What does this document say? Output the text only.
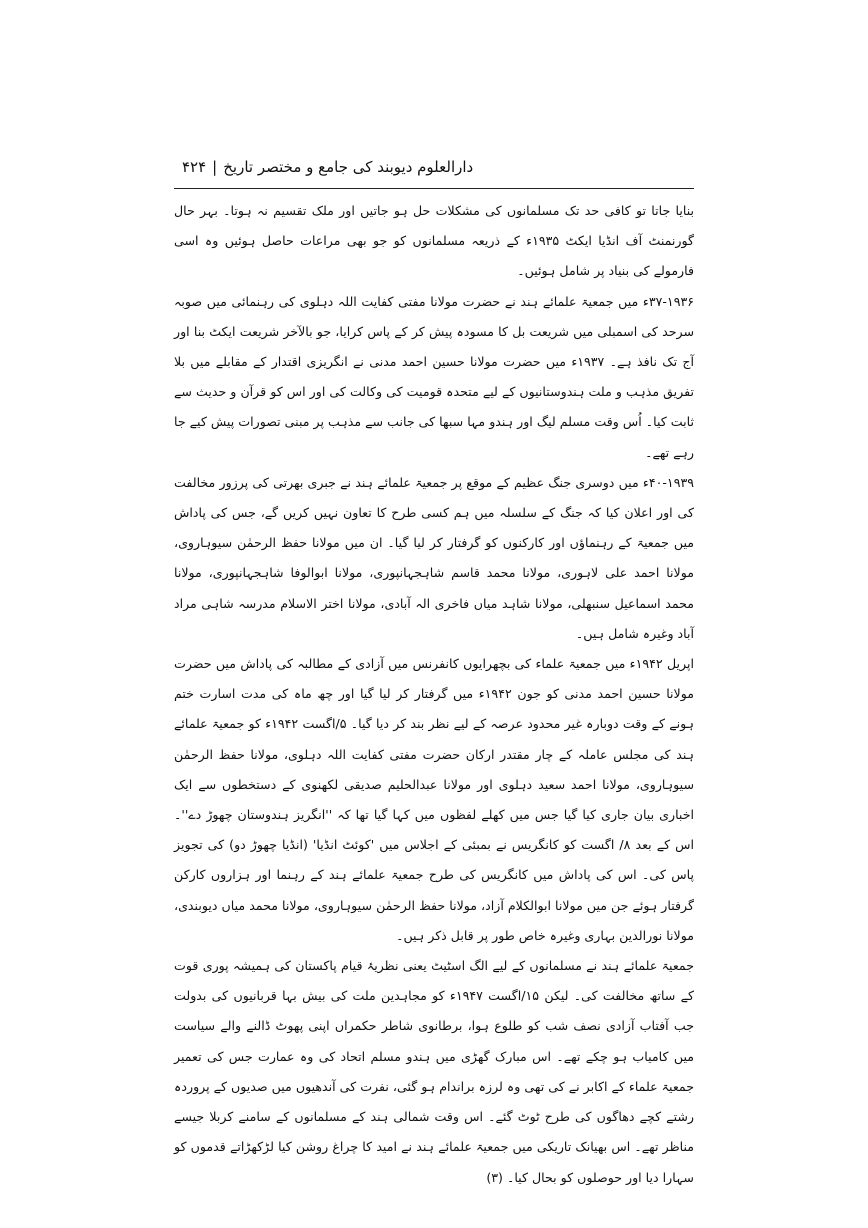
۴۲۴ | دارالعلوم دیوبند کی جامع و مختصر تاریخ

بنایا جاتا تو کافی حد تک مسلمانوں کی مشکلات حل ہو جاتیں اور ملک تقسیم نہ ہوتا۔ بہر حال گورنمنٹ آف انڈیا ایکٹ ۱۹۳۵ء کے ذریعہ مسلمانوں کو جو بھی مراعات حاصل ہوئیں وہ اسی فارمولے کی بنیاد پر شامل ہوئیں۔

۳۷-۱۹۳۶ء میں جمعیۃ علمائے ہند نے حضرت مولانا مفتی کفایت اللہ دہلوی کی رہنمائی میں صوبہ سرحد کی اسمبلی میں شریعت بل کا مسودہ پیش کر کے پاس کرایا، جو بالآخر شریعت ایکٹ بنا اور آج تک نافذ ہے۔ ۱۹۳۷ء میں حضرت مولانا حسین احمد مدنی نے انگریزی اقتدار کے مقابلے میں بلا تفریق مذہب و ملت ہندوستانیوں کے لیے متحدہ قومیت کی وکالت کی اور اس کو قرآن و حدیث سے ثابت کیا۔ اُس وقت مسلم لیگ اور ہندو مہا سبھا کی جانب سے مذہب پر مبنی تصورات پیش کیے جا رہے تھے۔

۴۰-۱۹۳۹ء میں دوسری جنگ عظیم کے موقع پر جمعیۃ علمائے ہند نے جبری بھرتی کی پرزور مخالفت کی اور اعلان کیا کہ جنگ کے سلسلہ میں ہم کسی طرح کا تعاون نہیں کریں گے، جس کی پاداش میں جمعیۃ کے رہنماؤں اور کارکنوں کو گرفتار کر لیا گیا۔ ان میں مولانا حفظ الرحمٰن سیوہاروی، مولانا احمد علی لاہوری، مولانا محمد قاسم شاہجہانپوری، مولانا ابوالوفا شاہجہانپوری، مولانا محمد اسماعیل سنبھلی، مولانا شاہد میاں فاخری الہ آبادی، مولانا اختر الاسلام مدرسہ شاہی مراد آباد وغیرہ شامل ہیں۔

اپریل ۱۹۴۲ء میں جمعیۃ علماء کی بچھرایوں کانفرنس میں آزادی کے مطالبہ کی پاداش میں حضرت مولانا حسین احمد مدنی کو جون ۱۹۴۲ء میں گرفتار کر لیا گیا اور چھ ماہ کی مدت اسارت ختم ہونے کے وقت دوبارہ غیر محدود عرصہ کے لیے نظر بند کر دیا گیا۔ ۵/اگست ۱۹۴۲ء کو جمعیۃ علمائے ہند کی مجلس عاملہ کے چار مقتدر ارکان حضرت مفتی کفایت اللہ دہلوی، مولانا حفظ الرحمٰن سیوہاروی، مولانا احمد سعید دہلوی اور مولانا عبدالحلیم صدیقی لکھنوی کے دستخطوں سے ایک اخباری بیان جاری کیا گیا جس میں کھلے لفظوں میں کہا گیا تھا کہ ''انگریز ہندوستان چھوڑ دے''۔ اس کے بعد ۸/ اگست کو کانگریس نے بمبئی کے اجلاس میں 'کوئٹ انڈیا' (انڈیا چھوڑ دو) کی تجویز پاس کی۔ اس کی پاداش میں کانگریس کی طرح جمعیۃ علمائے ہند کے رہنما اور ہزاروں کارکن گرفتار ہوئے جن میں مولانا ابوالکلام آزاد، مولانا حفظ الرحمٰن سیوہاروی، مولانا محمد میاں دیوبندی، مولانا نورالدین بہاری وغیرہ خاص طور پر قابل ذکر ہیں۔

جمعیۃ علمائے ہند نے مسلمانوں کے لیے الگ اسٹیٹ یعنی نظریۂ قیام پاکستان کی ہمیشہ پوری قوت کے ساتھ مخالفت کی۔ لیکن ۱۵/اگست ۱۹۴۷ء کو مجاہدین ملت کی بیش بہا قربانیوں کی بدولت جب آفتاب آزادی نصف شب کو طلوع ہوا، برطانوی شاطر حکمراں اپنی پھوٹ ڈالنے والے سیاست میں کامیاب ہو چکے تھے۔ اس مبارک گھڑی میں ہندو مسلم اتحاد کی وہ عمارت جس کی تعمیر جمعیۃ علماء کے اکابر نے کی تھی وہ لرزہ براندام ہو گئی، نفرت کی آندھیوں میں صدیوں کے پروردہ رشتے کچے دھاگوں کی طرح ٹوٹ گئے۔ اس وقت شمالی ہند کے مسلمانوں کے سامنے کربلا جیسے مناظر تھے۔ اس بھیانک تاریکی میں جمعیۃ علمائے ہند نے امید کا چراغ روشن کیا لڑکھڑاتے قدموں کو سہارا دیا اور حوصلوں کو بحال کیا۔ (۳)
